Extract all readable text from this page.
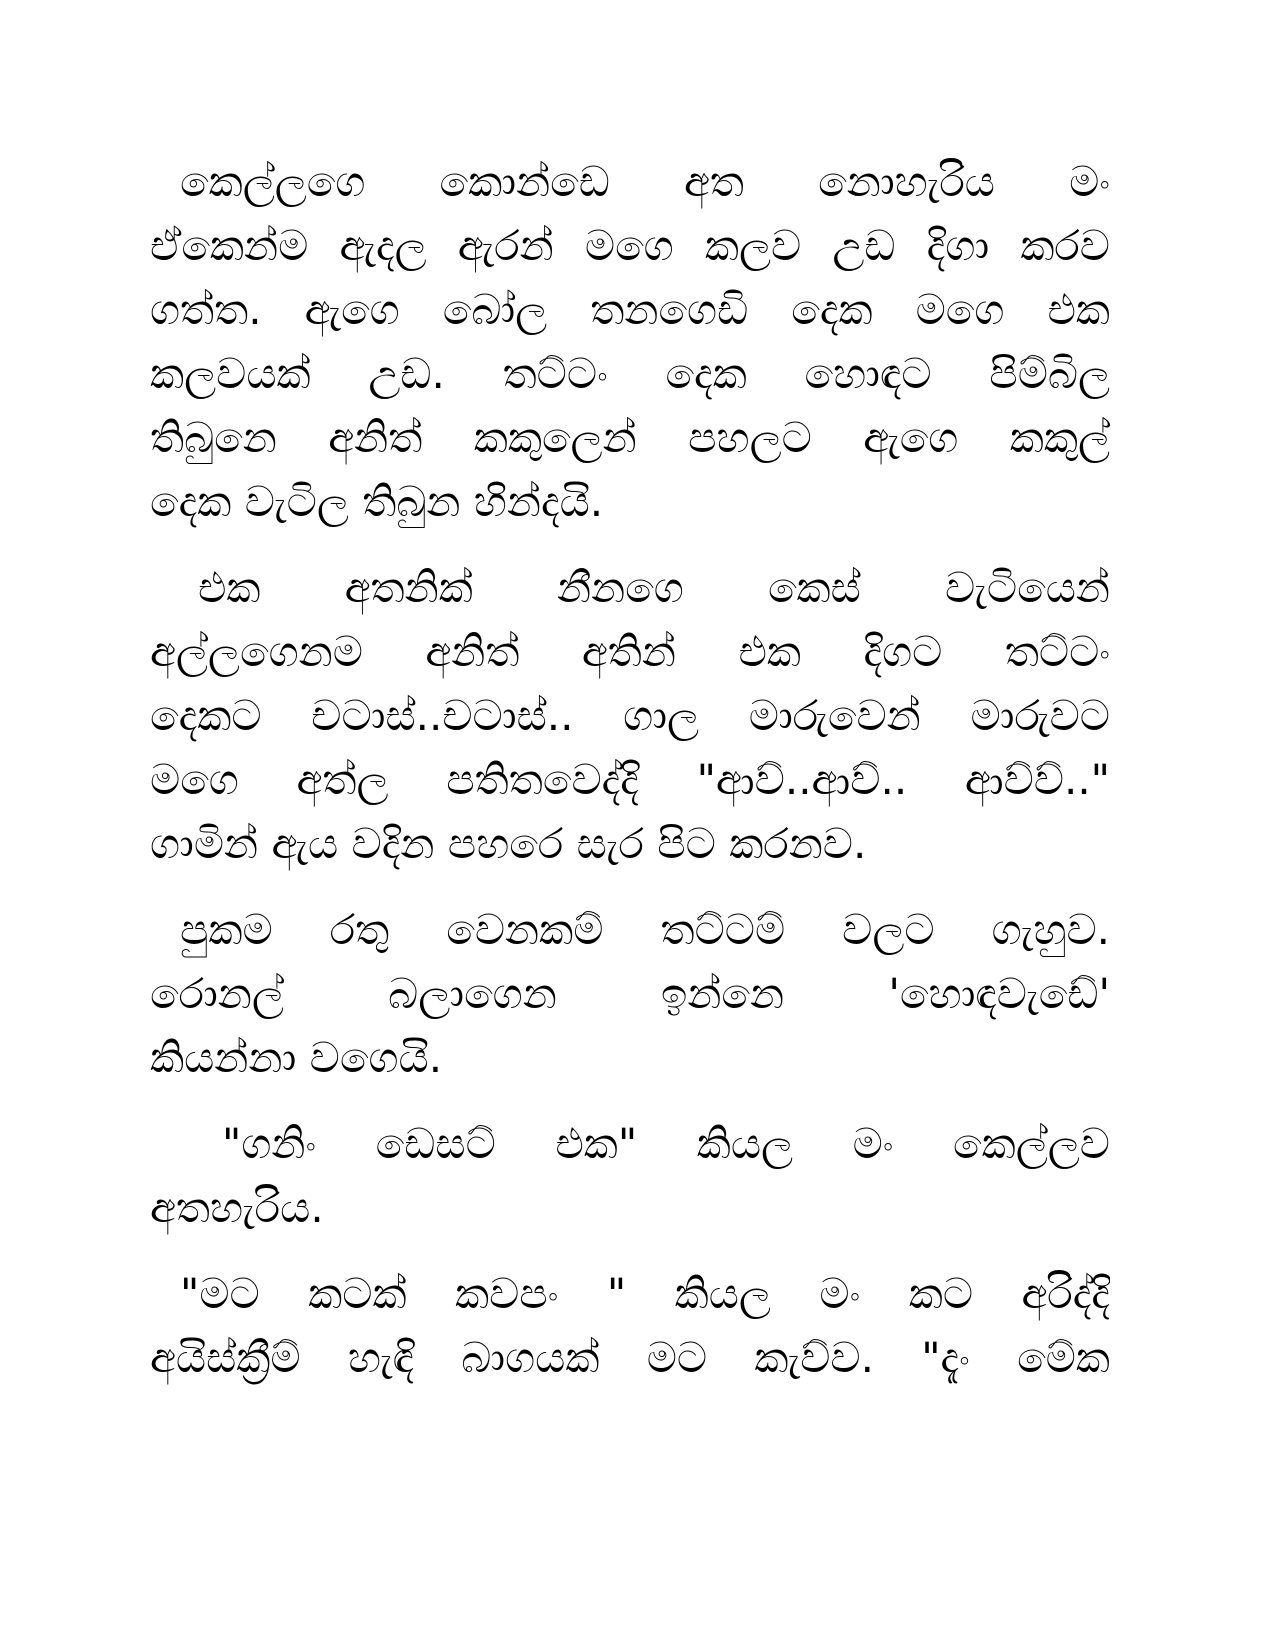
කෙල්ලගෙ කොන්ඩෙ අත නොහැරිය මං
ඒකෙන්ම ඇදල ඇරන් මගෙ කලව උඩ දිගා කරව
ගත්ත. ඇගෙ බෝල තනගෙඩි දෙක මගෙ එක
කලවයක් උඩ. තට්ටං දෙක හොඳට පිම්බිල
තිබුනෙ අනිත් කකුලෙන් පහලට ඇගෙ කකුල්
දෙක වැටිල තිබුන හින්දයි.
එක අතනික් නීනගෙ කෙස් වැටියෙන්
අල්ලගෙනම අනිත් අතින් එක දිගට තට්ටං
දෙකට චටාස්..චටාස්.. ගාල මාරුවෙන් මාරුවට
මගෙ අත්ල පතිතවෙද්දි "ආව්..ආව්.. ආව්ව්.."
ගාමින් ඇය වදින පහරෙ සැර පිට කරනව.
පුකම රතු වෙනකම් තට්ටම් වලට ගැහුව.
රොනල් බලාගෙන ඉන්නෙ 'හොඳවැඩේ'
කියන්නා වගෙයි.
"ගනිං ඩෙසට් එක" කියල මං කෙල්ලව
අතහැරිය.
"මට කටක් කවපං " කියල මං කට අරිද්දි
අයිස්ක්‍රීම් හැඳි බාගයක් මට කැව්ව. "දැං මේක
